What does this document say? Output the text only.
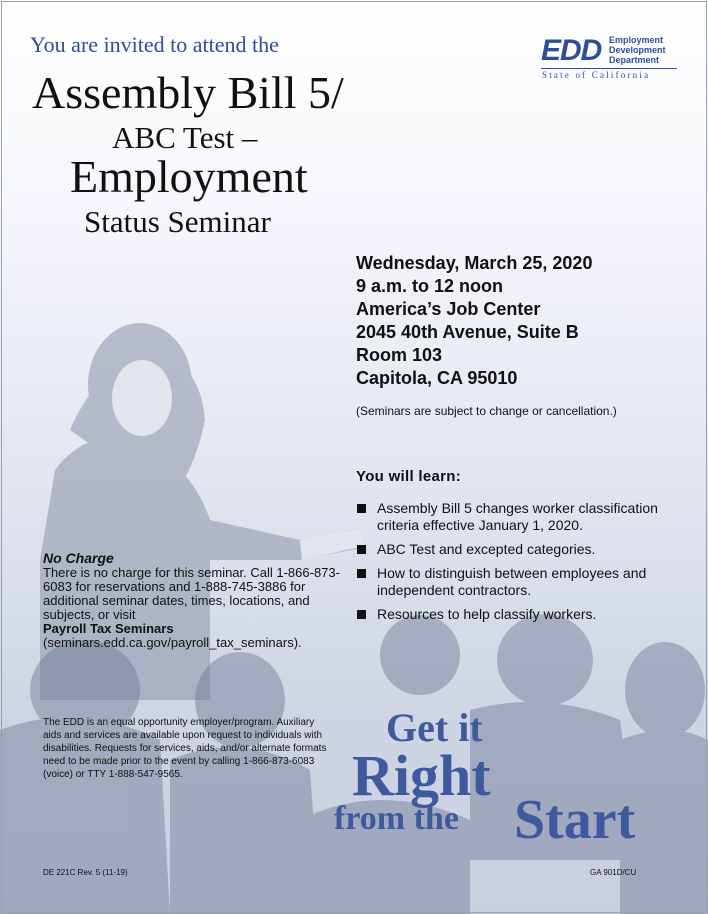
You are invited to attend the
Assembly Bill 5/
ABC Test –
Employment
Status Seminar
EDD Employment
Development
Department
State of California
Wednesday, March 25, 2020
9 a.m. to 12 noon
America’s Job Center
2045 40th Avenue, Suite B
Room 103
Capitola, CA 95010
(Seminars are subject to change or cancellation.)
You will learn:
Assembly Bill 5 changes worker classification criteria effective January 1, 2020.
ABC Test and excepted categories.
How to distinguish between employees and independent contractors.
Resources to help classify workers.
No Charge
There is no charge for this seminar. Call 1-866-873-6083 for reservations and 1-888-745-3886 for additional seminar dates, times, locations, and subjects, or visit
Payroll Tax Seminars
(seminars.edd.ca.gov/payroll_tax_seminars).
The EDD is an equal opportunity employer/program. Auxiliary aids and services are available upon request to individuals with disabilities. Requests for services, aids, and/or alternate formats need to be made prior to the event by calling 1-866-873-6083 (voice) or TTY 1-888-547-9565.
Get it
Right
from the Start
DE 221C Rev. 5 (11-19)	GA 901D/CU
